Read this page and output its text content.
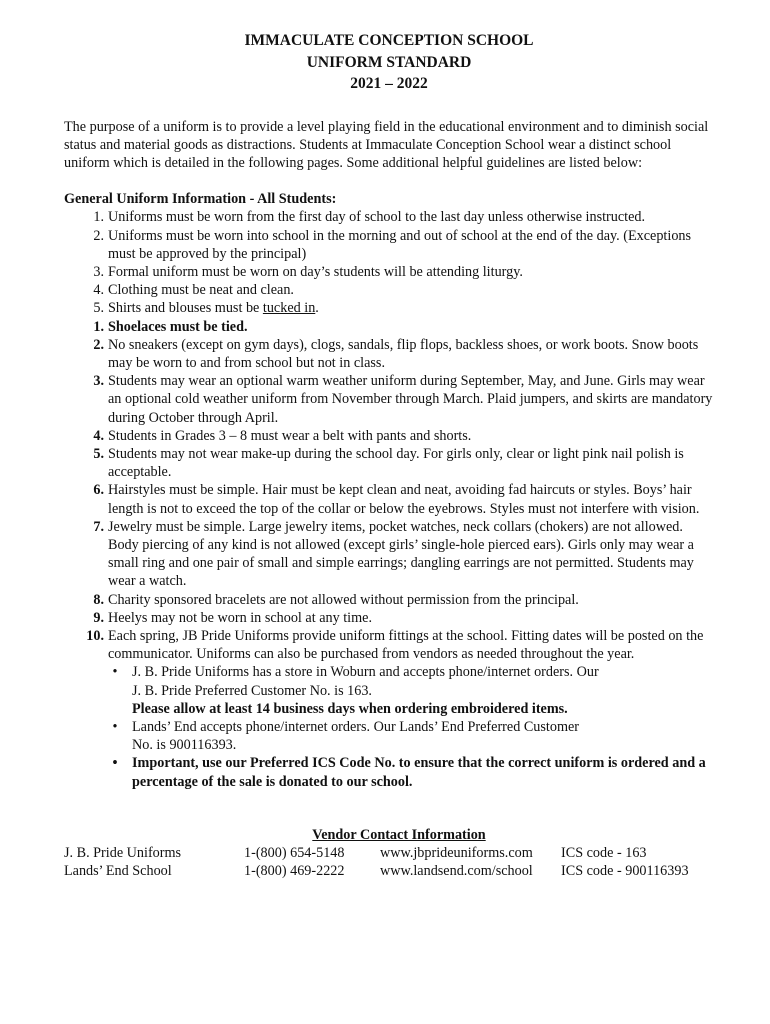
IMMACULATE CONCEPTION SCHOOL
UNIFORM STANDARD
2021 – 2022

The purpose of a uniform is to provide a level playing field in the educational environment and to diminish social status and material goods as distractions. Students at Immaculate Conception School wear a distinct school uniform which is detailed in the following pages. Some additional helpful guidelines are listed below:

General Uniform Information - All Students:
1. Uniforms must be worn from the first day of school to the last day unless otherwise instructed.
2. Uniforms must be worn into school in the morning and out of school at the end of the day. (Exceptions must be approved by the principal)
3. Formal uniform must be worn on day’s students will be attending liturgy.
4. Clothing must be neat and clean.
5. Shirts and blouses must be tucked in.
1. Shoelaces must be tied.
2. No sneakers (except on gym days), clogs, sandals, flip flops, backless shoes, or work boots. Snow boots may be worn to and from school but not in class.
3. Students may wear an optional warm weather uniform during September, May, and June. Girls may wear an optional cold weather uniform from November through March. Plaid jumpers, and skirts are mandatory during October through April.
4. Students in Grades 3 – 8 must wear a belt with pants and shorts.
5. Students may not wear make-up during the school day. For girls only, clear or light pink nail polish is acceptable.
6. Hairstyles must be simple. Hair must be kept clean and neat, avoiding fad haircuts or styles. Boys’ hair length is not to exceed the top of the collar or below the eyebrows. Styles must not interfere with vision.
7. Jewelry must be simple. Large jewelry items, pocket watches, neck collars (chokers) are not allowed. Body piercing of any kind is not allowed (except girls’ single-hole pierced ears). Girls only may wear a small ring and one pair of small and simple earrings; dangling earrings are not permitted. Students may wear a watch.
8. Charity sponsored bracelets are not allowed without permission from the principal.
9. Heelys may not be worn in school at any time.
10. Each spring, JB Pride Uniforms provide uniform fittings at the school. Fitting dates will be posted on the communicator. Uniforms can also be purchased from vendors as needed throughout the year.
•	J. B. Pride Uniforms has a store in Woburn and accepts phone/internet orders. Our
J. B. Pride Preferred Customer No. is 163.
Please allow at least 14 business days when ordering embroidered items.
•	Lands’ End accepts phone/internet orders. Our Lands’ End Preferred Customer
No. is 900116393.
•	Important, use our Preferred ICS Code No. to ensure that the correct uniform is ordered and a percentage of the sale is donated to our school.
Vendor Contact Information
J. B. Pride Uniforms	1-(800) 654-5148	www.jbprideuniforms.com ICS code - 163
Lands’ End School	1-(800) 469-2222	www.landsend.com/school ICS code - 900116393
